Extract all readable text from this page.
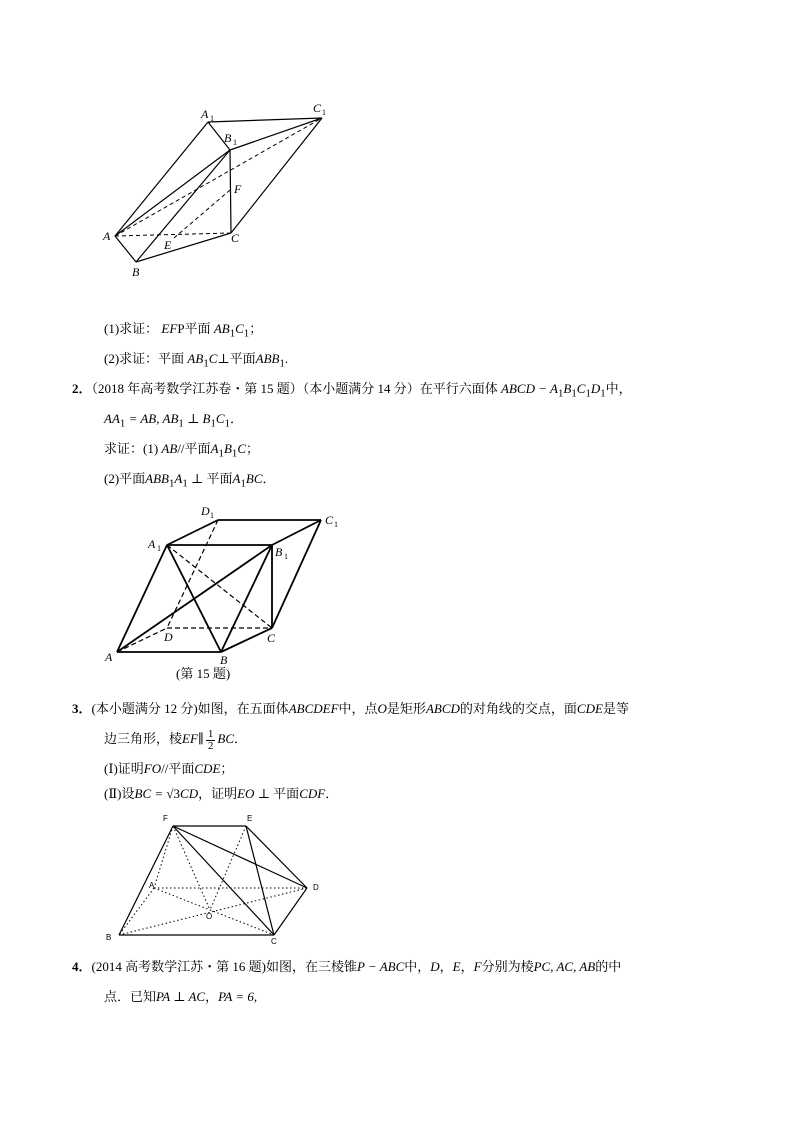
A 1
B 1
C 1
A
B
C
E
F
(1)求证： EFP平面 $AB_1C_1$；
(2)求证：平面 $AB_1C\perp$平面$ABB_1$.
2．（2018 年高考数学江苏卷・第 15 题）（本小题满分 14 分）在平行六面体 ABCD − $A_1B_1C_1D_1$中，
$AA_1$ = AB, $AB_1$ ⊥ $B_1C_1$．
求证：(1) AB//平面$A_1B_1C$；
(2)平面$ABB_1A_1$ ⊥ 平面$A_1BC$．
A 1	B 1
C 1
D 1
A	B
C
D
(第 15 题)
3．(本小题满分 12 分)如图，在五面体ABCDEF中，点O是矩形ABCD的对角线的交点，面CDE是等
边三角形，棱EF∥ $\frac{1}{2}$ BC．
(Ⅰ)证明FO//平面CDE；
(Ⅱ)设BC = √3CD，证明EO ⊥ 平面CDF．
F	E
A	D
O
B	C
4．(2014 高考数学江苏・第 16 题)如图，在三棱锥P − ABC中，D，E，F分别为棱PC, AC, AB的中
点．已知PA ⊥ AC，PA = 6,
